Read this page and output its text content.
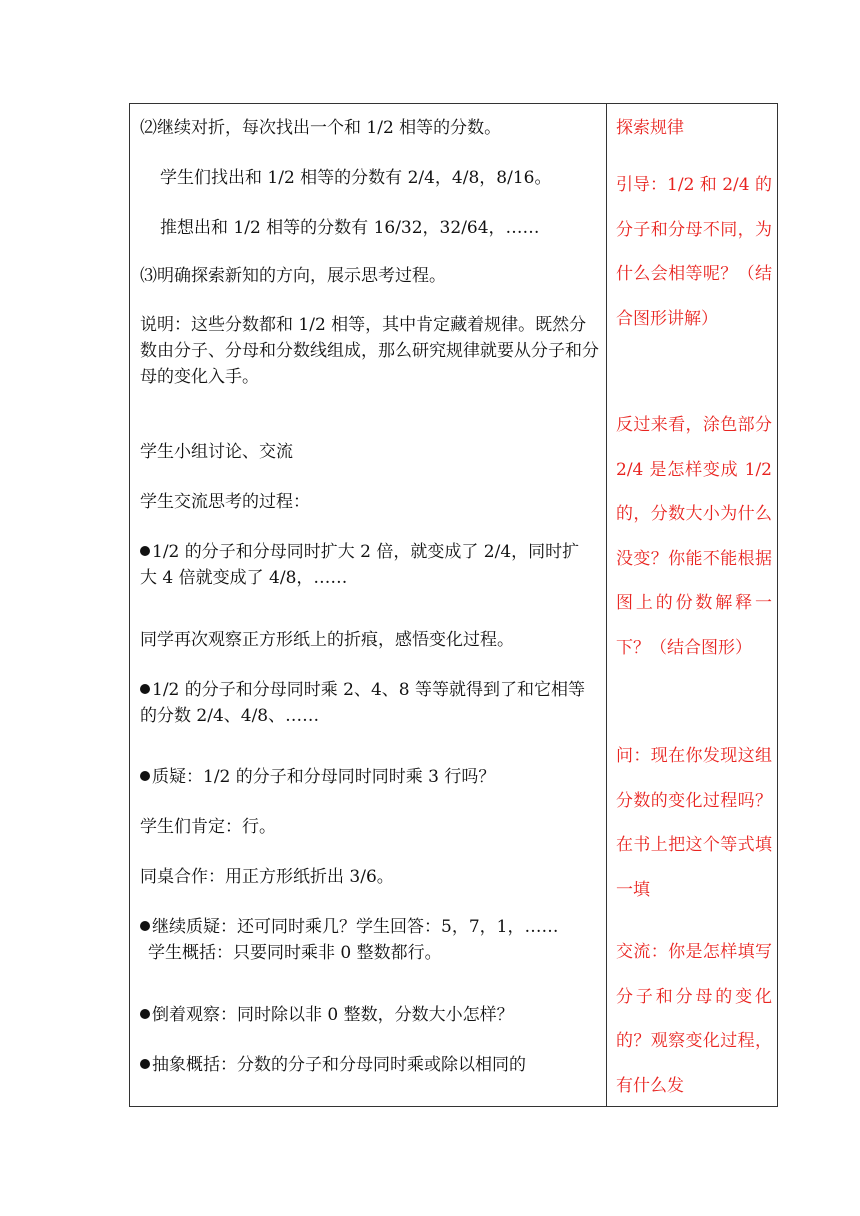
⑵继续对折，每次找出一个和 1/2 相等的分数。
学生们找出和 1/2 相等的分数有 2/4，4/8，8/16。
推想出和 1/2 相等的分数有 16/32，32/64，……
⑶明确探索新知的方向，展示思考过程。
说明：这些分数都和 1/2 相等，其中肯定藏着规律。既然分数由分子、分母和分数线组成，那么研究规律就要从分子和分母的变化入手。
学生小组讨论、交流
学生交流思考的过程：
1/2 的分子和分母同时扩大 2 倍，就变成了 2/4，同时扩大 4 倍就变成了 4/8，……
同学再次观察正方形纸上的折痕，感悟变化过程。
1/2 的分子和分母同时乘 2、4、8 等等就得到了和它相等的分数 2/4、4/8、……
质疑：1/2 的分子和分母同时同时乘 3 行吗？
学生们肯定：行。
同桌合作：用正方形纸折出 3/6。
继续质疑：还可同时乘几？学生回答：5，7，1，……
学生概括：只要同时乘非 0 整数都行。
倒着观察：同时除以非 0 整数，分数大小怎样？
抽象概括：分数的分子和分母同时乘或除以相同的
探索规律
引导：1/2 和 2/4 的分子和分母不同，为什么会相等呢？（结合图形讲解）
反过来看，涂色部分 2/4 是怎样变成 1/2 的，分数大小为什么没变？你能不能根据图上的份数解释一下？（结合图形）
问：现在你发现这组分数的变化过程吗？在书上把这个等式填一填
交流：你是怎样填写分子和分母的变化的？观察变化过程，有什么发
